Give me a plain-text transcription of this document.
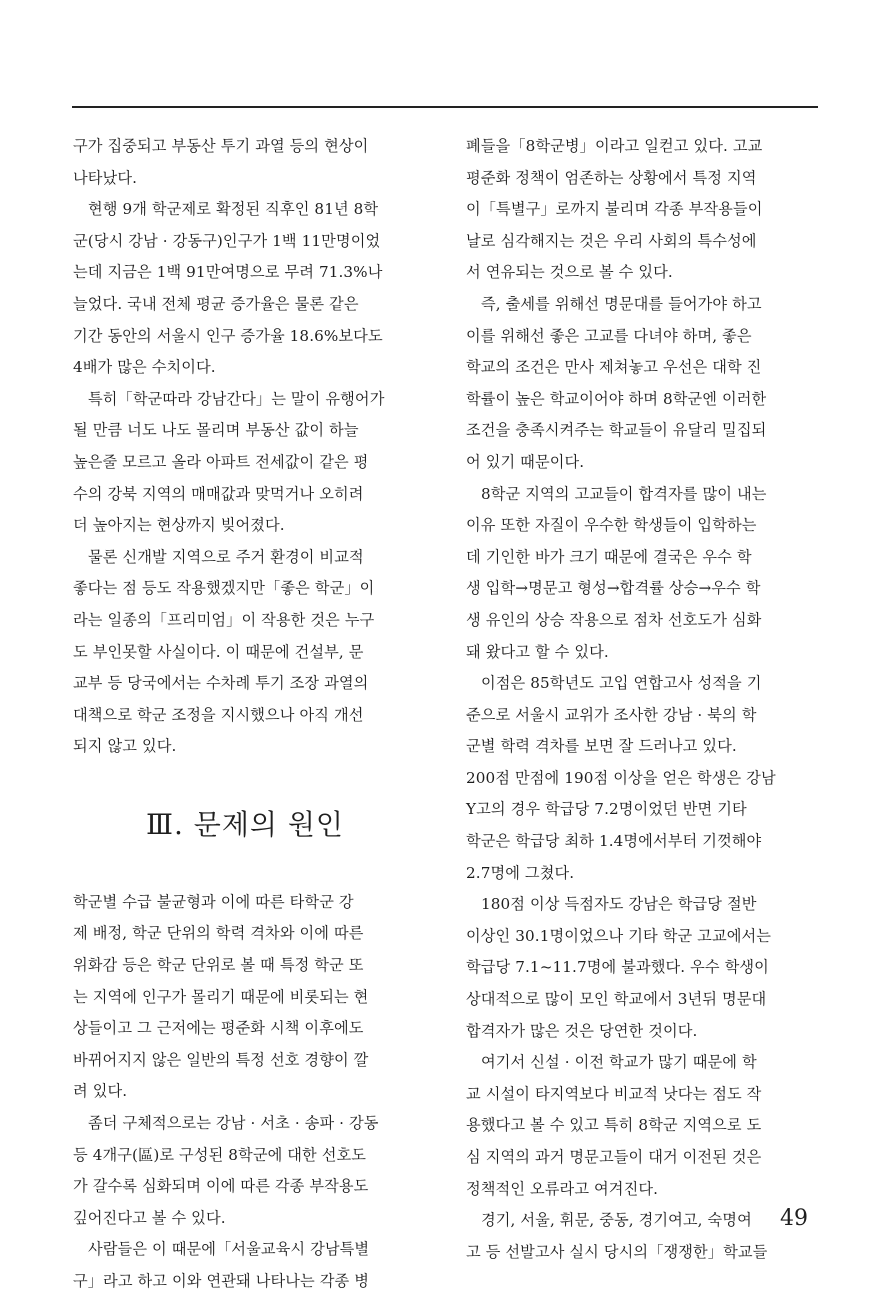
구가 집중되고 부동산 투기 과열 등의 현상이
나타났다.
현행 9개 학군제로 확정된 직후인 81년 8학
군(당시 강남 · 강동구)인구가 1백 11만명이었
는데 지금은 1백 91만여명으로 무려 71.3%나
늘었다. 국내 전체 평균 증가율은 물론 같은
기간 동안의 서울시 인구 증가율 18.6%보다도
4배가 많은 수치이다.
특히「학군따라 강남간다」는 말이 유행어가
될 만큼 너도 나도 몰리며 부동산 값이 하늘
높은줄 모르고 올라 아파트 전세값이 같은 평
수의 강북 지역의 매매값과 맞먹거나 오히려
더 높아지는 현상까지 빚어졌다.
물론 신개발 지역으로 주거 환경이 비교적
좋다는 점 등도 작용했겠지만「좋은 학군」이
라는 일종의「프리미엄」이 작용한 것은 누구
도 부인못할 사실이다. 이 때문에 건설부, 문
교부 등 당국에서는 수차례 투기 조장 과열의
대책으로 학군 조정을 지시했으나 아직 개선
되지 않고 있다.
Ⅲ. 문제의 원인
학군별 수급 불균형과 이에 따른 타학군 강
제 배정, 학군 단위의 학력 격차와 이에 따른
위화감 등은 학군 단위로 볼 때 특정 학군 또
는 지역에 인구가 몰리기 때문에 비롯되는 현
상들이고 그 근저에는 평준화 시책 이후에도
바뀌어지지 않은 일반의 특정 선호 경향이 깔
려 있다.
좀더 구체적으로는 강남 · 서초 · 송파 · 강동
등 4개구(區)로 구성된 8학군에 대한 선호도
가 갈수록 심화되며 이에 따른 각종 부작용도
깊어진다고 볼 수 있다.
사람들은 이 때문에「서울교육시 강남특별
구」라고 하고 이와 연관돼 나타나는 각종 병
폐들을「8학군병」이라고 일컫고 있다. 고교
평준화 정책이 엄존하는 상황에서 특정 지역
이「특별구」로까지 불리며 각종 부작용들이
날로 심각해지는 것은 우리 사회의 특수성에
서 연유되는 것으로 볼 수 있다.
즉, 출세를 위해선 명문대를 들어가야 하고
이를 위해선 좋은 고교를 다녀야 하며, 좋은
학교의 조건은 만사 제쳐놓고 우선은 대학 진
학률이 높은 학교이어야 하며 8학군엔 이러한
조건을 충족시켜주는 학교들이 유달리 밀집되
어 있기 때문이다.
8학군 지역의 고교들이 합격자를 많이 내는
이유 또한 자질이 우수한 학생들이 입학하는
데 기인한 바가 크기 때문에 결국은 우수 학
생 입학→명문고 형성→합격률 상승→우수 학
생 유인의 상승 작용으로 점차 선호도가 심화
돼 왔다고 할 수 있다.
이점은 85학년도 고입 연합고사 성적을 기
준으로 서울시 교위가 조사한 강남 · 북의 학
군별 학력 격차를 보면 잘 드러나고 있다.
200점 만점에 190점 이상을 얻은 학생은 강남
Y고의 경우 학급당 7.2명이었던 반면 기타
학군은 학급당 최하 1.4명에서부터 기껏해야
2.7명에 그쳤다.
180점 이상 득점자도 강남은 학급당 절반
이상인 30.1명이었으나 기타 학군 고교에서는
학급당 7.1~11.7명에 불과했다. 우수 학생이
상대적으로 많이 모인 학교에서 3년뒤 명문대
합격자가 많은 것은 당연한 것이다.
여기서 신설 · 이전 학교가 많기 때문에 학
교 시설이 타지역보다 비교적 낫다는 점도 작
용했다고 볼 수 있고 특히 8학군 지역으로 도
심 지역의 과거 명문고들이 대거 이전된 것은
정책적인 오류라고 여겨진다.
경기, 서울, 휘문, 중동, 경기여고, 숙명여
고 등 선발고사 실시 당시의「쟁쟁한」학교들
49
